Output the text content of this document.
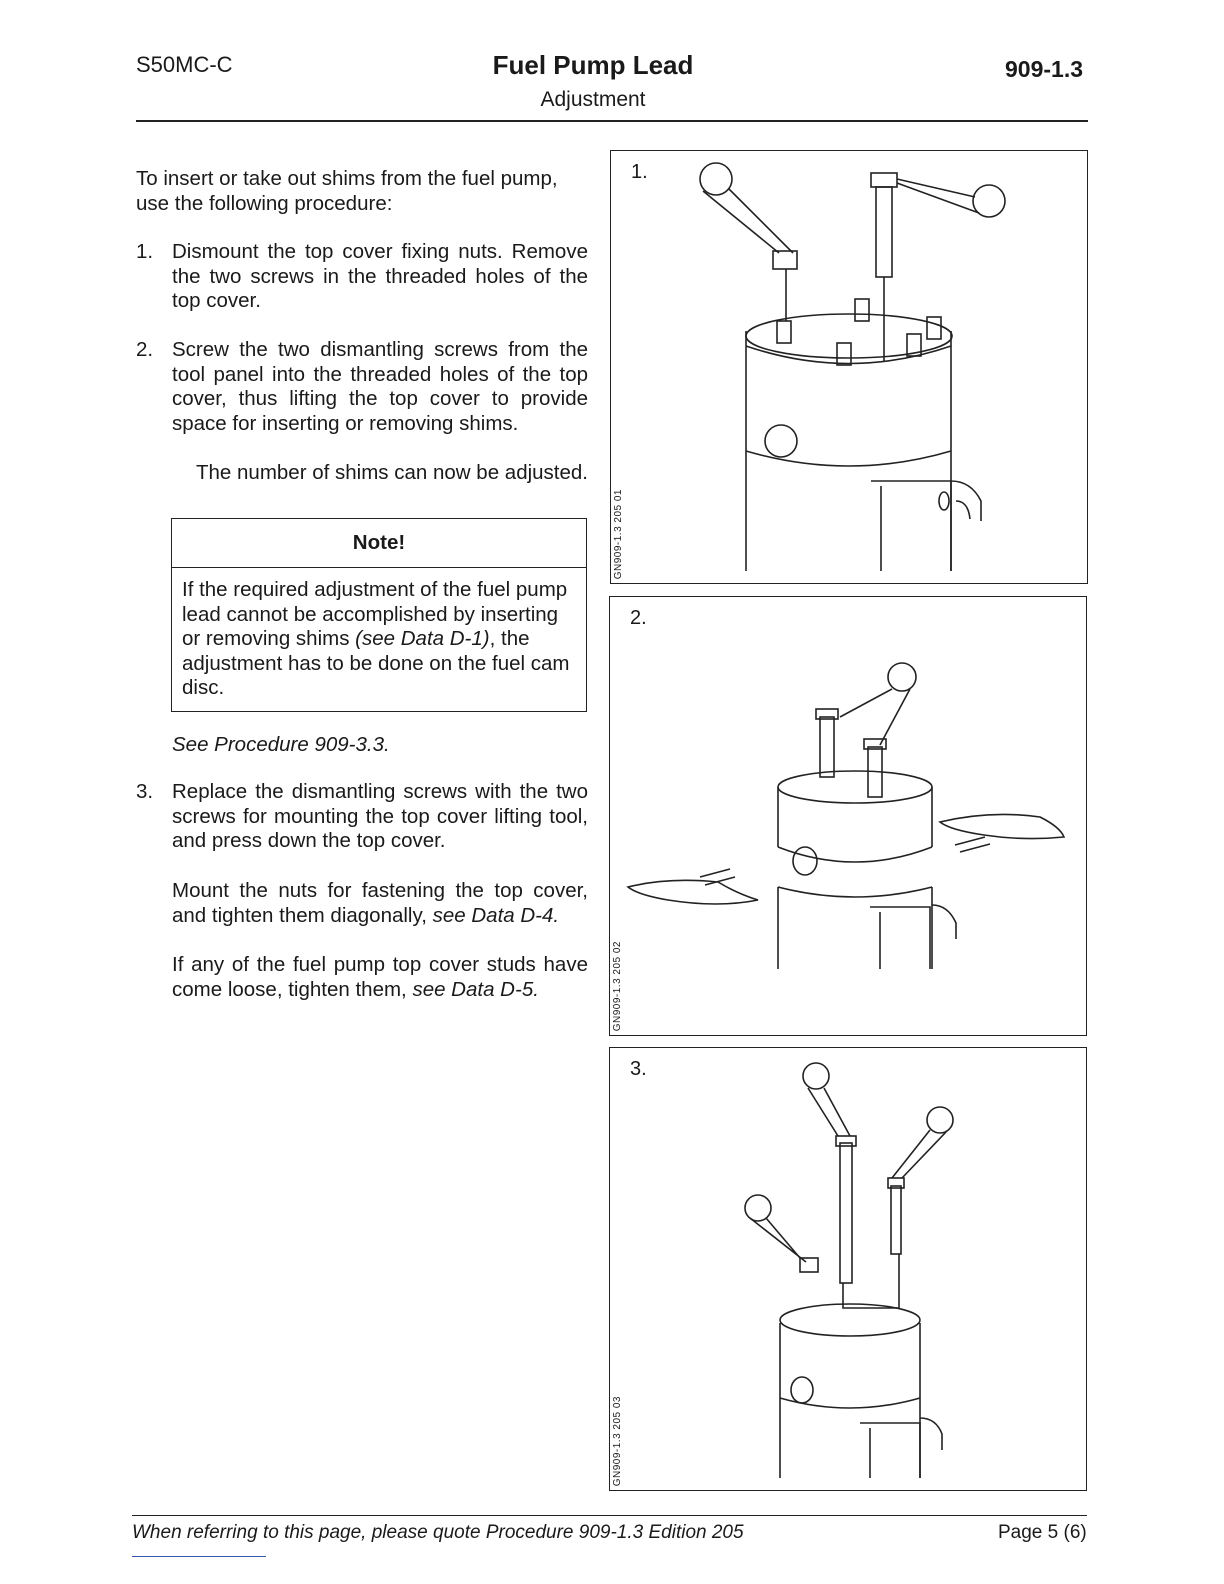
S50MC-C	Fuel Pump Lead
Adjustment
909-1.3
To insert or take out shims from the fuel pump, use the following procedure:
1. Dismount the top cover fixing nuts. Remove the two screws in the threaded holes of the top cover.
2. Screw the two dismantling screws from the tool panel into the threaded holes of the top cover, thus lifting the top cover to provide space for inserting or removing shims.
The number of shims can now be adjusted.
Note!
If the required adjustment of the fuel pump lead cannot be accomplished by inserting or removing shims (see Data D-1), the adjustment has to be done on the fuel cam disc.
See Procedure 909-3.3.
3. Replace the dismantling screws with the two screws for mounting the top cover lifting tool, and press down the top cover.
Mount the nuts for fastening the top cover, and tighten them diagonally, see Data D-4.
If any of the fuel pump top cover studs have come loose, tighten them, see Data D-5.
1.
GN909-1.3 205 01
2.
GN909-1.3 205 02
3.
GN909-1.3 205 03
When referring to this page, please quote Procedure 909-1.3 Edition 205	Page 5 (6)
